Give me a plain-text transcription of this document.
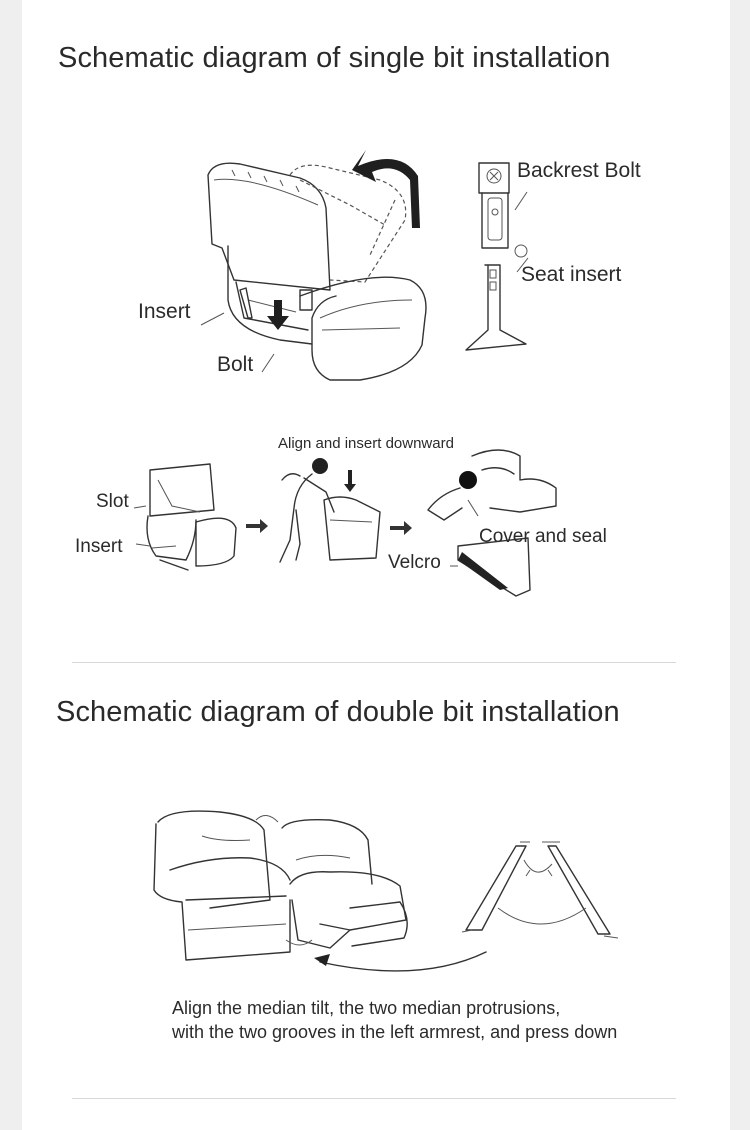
Schematic diagram of single bit installation
Backrest Bolt
Seat insert
Insert
Bolt
Align and insert downward
Slot
Insert	Cover and seal
Velcro
Schematic diagram of double bit installation
Align the median tilt, the two median protrusions,
with the two grooves in the left armrest, and press down
